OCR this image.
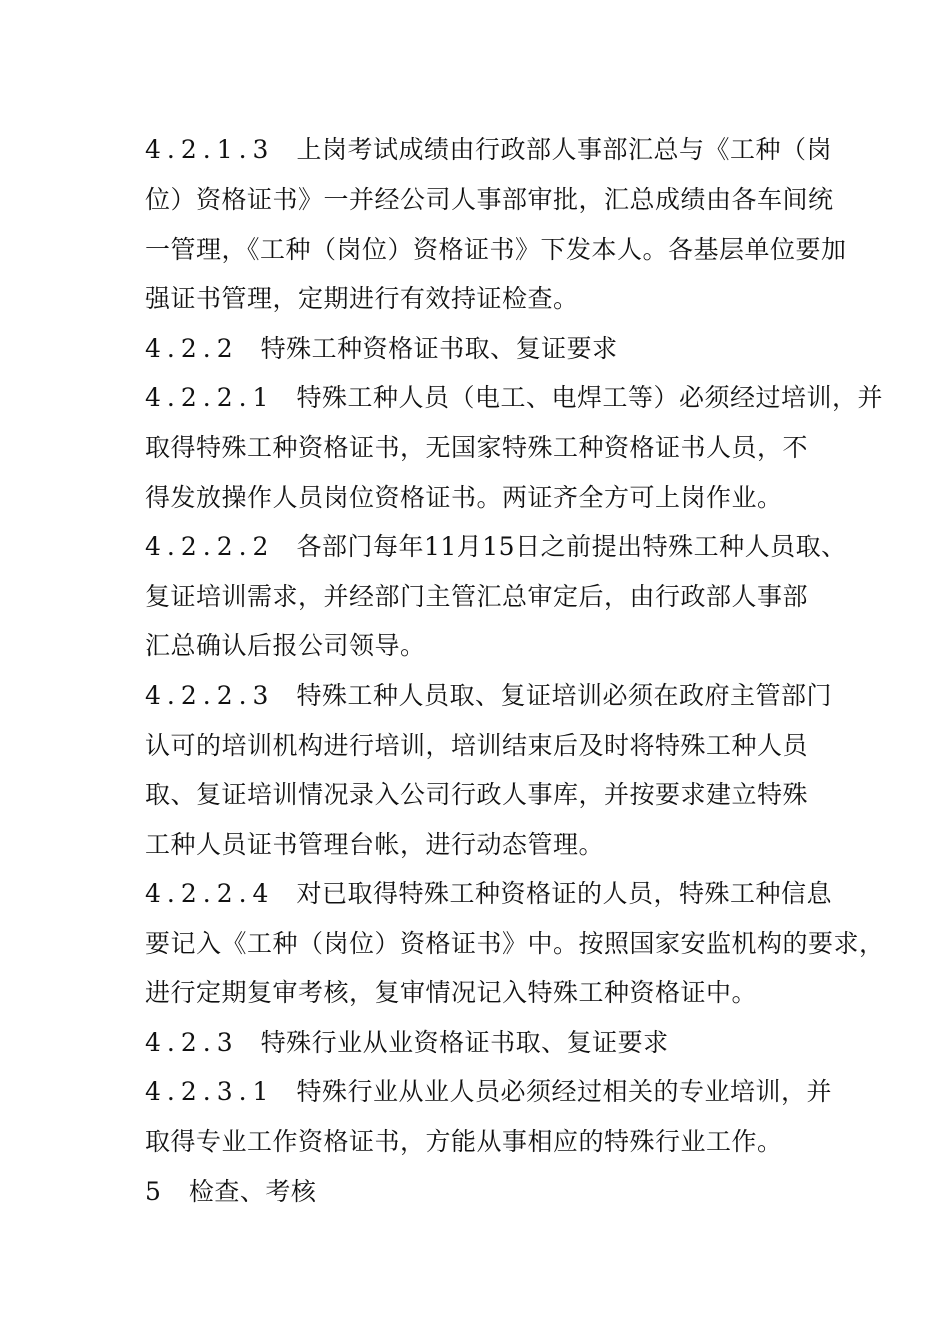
4.2.1.3 上岗考试成绩由行政部人事部汇总与《工种（岗
位）资格证书》一并经公司人事部审批，汇总成绩由各车间统
一管理，《工种（岗位）资格证书》下发本人。各基层单位要加
强证书管理，定期进行有效持证检查。
4.2.2 特殊工种资格证书取、复证要求
4.2.2.1 特殊工种人员（电工、电焊工等）必须经过培训，并
取得特殊工种资格证书，无国家特殊工种资格证书人员，不
得发放操作人员岗位资格证书。两证齐全方可上岗作业。
4.2.2.2 各部门每年11月15日之前提出特殊工种人员取、
复证培训需求，并经部门主管汇总审定后，由行政部人事部
汇总确认后报公司领导。
4.2.2.3 特殊工种人员取、复证培训必须在政府主管部门
认可的培训机构进行培训，培训结束后及时将特殊工种人员
取、复证培训情况录入公司行政人事库，并按要求建立特殊
工种人员证书管理台帐，进行动态管理。
4.2.2.4 对已取得特殊工种资格证的人员，特殊工种信息
要记入《工种（岗位）资格证书》中。按照国家安监机构的要求，
进行定期复审考核，复审情况记入特殊工种资格证中。
4.2.3 特殊行业从业资格证书取、复证要求
4.2.3.1 特殊行业从业人员必须经过相关的专业培训，并
取得专业工作资格证书，方能从事相应的特殊行业工作。
5 检查、考核
